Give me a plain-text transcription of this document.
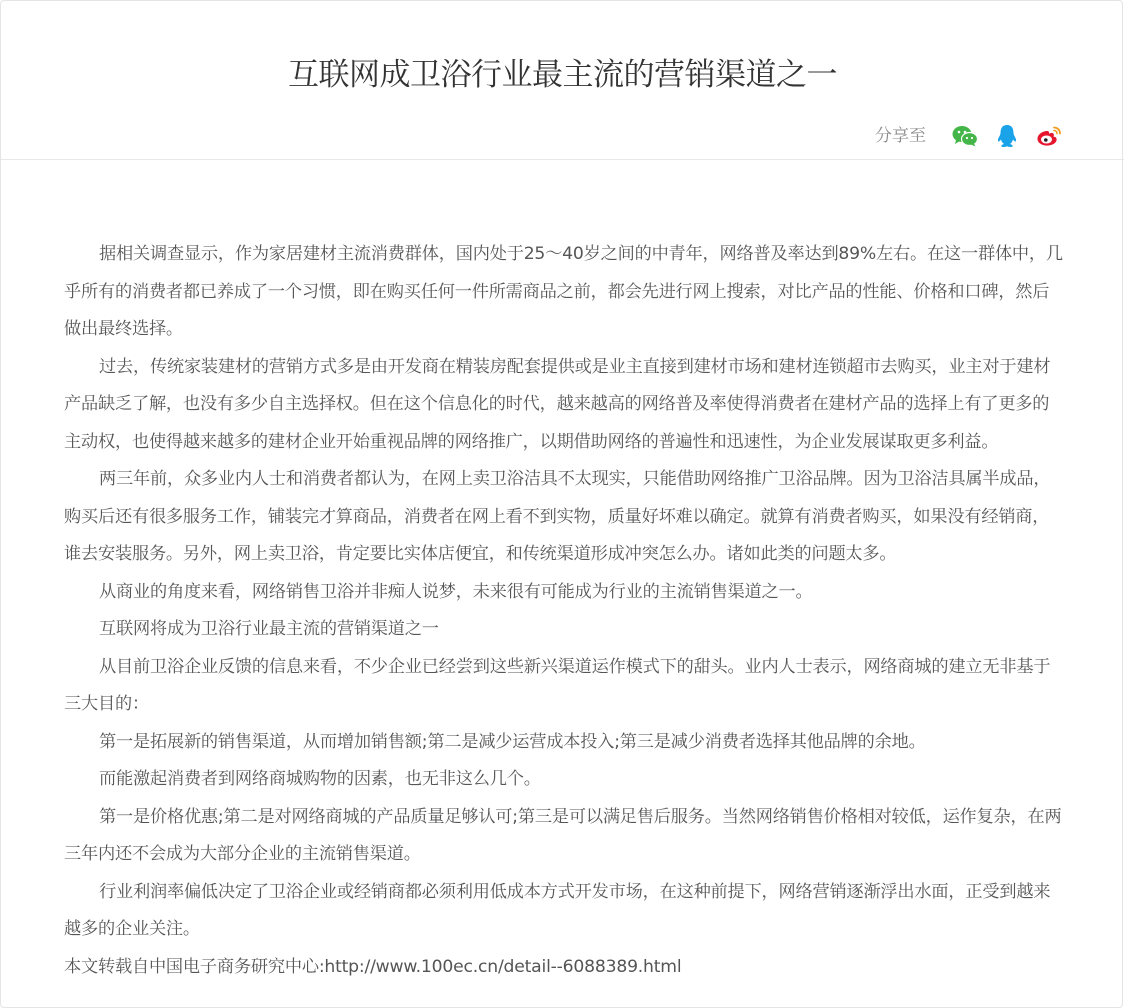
互联网成卫浴行业最主流的营销渠道之一
分享至

据相关调查显示，作为家居建材主流消费群体，国内处于25～40岁之间的中青年，网络普及率达到89%左右。在这一群体中，几乎所有的消费者都已养成了一个习惯，即在购买任何一件所需商品之前，都会先进行网上搜索，对比产品的性能、价格和口碑，然后做出最终选择。

过去，传统家装建材的营销方式多是由开发商在精装房配套提供或是业主直接到建材市场和建材连锁超市去购买，业主对于建材产品缺乏了解，也没有多少自主选择权。但在这个信息化的时代，越来越高的网络普及率使得消费者在建材产品的选择上有了更多的主动权，也使得越来越多的建材企业开始重视品牌的网络推广，以期借助网络的普遍性和迅速性，为企业发展谋取更多利益。

两三年前，众多业内人士和消费者都认为，在网上卖卫浴洁具不太现实，只能借助网络推广卫浴品牌。因为卫浴洁具属半成品，购买后还有很多服务工作，铺装完才算商品，消费者在网上看不到实物，质量好坏难以确定。就算有消费者购买，如果没有经销商，谁去安装服务。另外，网上卖卫浴，肯定要比实体店便宜，和传统渠道形成冲突怎么办。诸如此类的问题太多。

从商业的角度来看，网络销售卫浴并非痴人说梦，未来很有可能成为行业的主流销售渠道之一。

互联网将成为卫浴行业最主流的营销渠道之一

从目前卫浴企业反馈的信息来看，不少企业已经尝到这些新兴渠道运作模式下的甜头。业内人士表示，网络商城的建立无非基于三大目的：

第一是拓展新的销售渠道，从而增加销售额;第二是减少运营成本投入;第三是减少消费者选择其他品牌的余地。

而能激起消费者到网络商城购物的因素，也无非这么几个。

第一是价格优惠;第二是对网络商城的产品质量足够认可;第三是可以满足售后服务。当然网络销售价格相对较低，运作复杂，在两三年内还不会成为大部分企业的主流销售渠道。

行业利润率偏低决定了卫浴企业或经销商都必须利用低成本方式开发市场，在这种前提下，网络营销逐渐浮出水面，正受到越来越多的企业关注。

本文转载自中国电子商务研究中心:http://www.100ec.cn/detail--6088389.html
